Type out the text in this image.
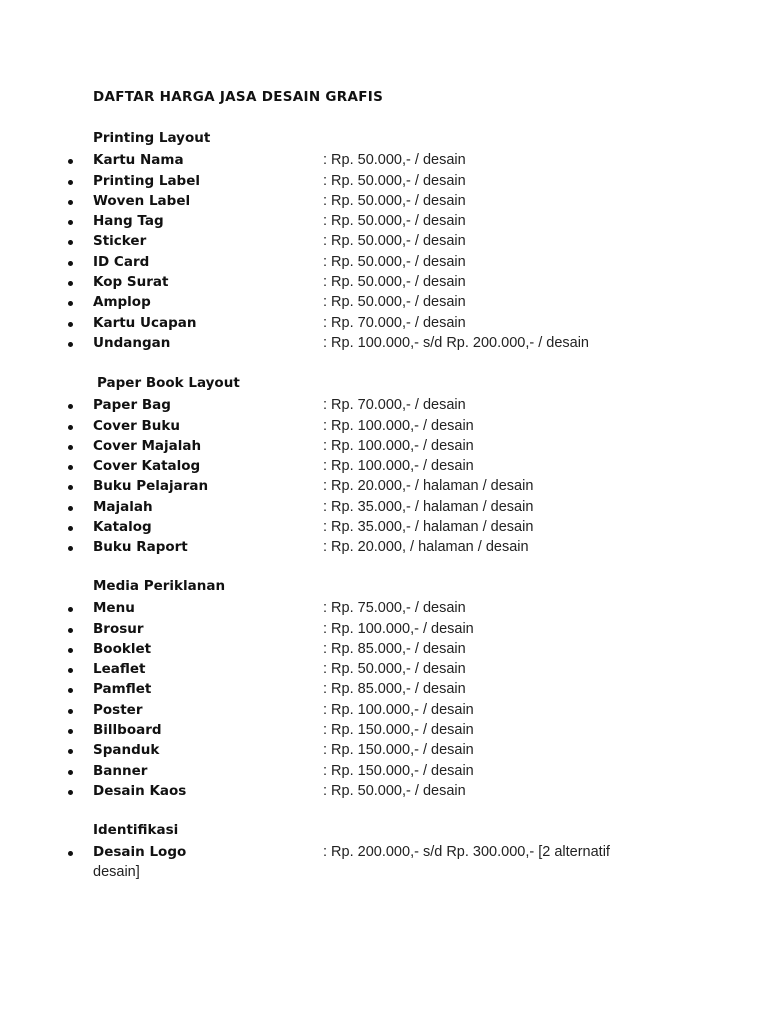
DAFTAR HARGA JASA DESAIN GRAFIS
Printing Layout
Kartu Nama	: Rp. 50.000,- / desain
Printing Label	: Rp. 50.000,- / desain
Woven Label	: Rp. 50.000,- / desain
Hang Tag	: Rp. 50.000,- / desain
Sticker	: Rp. 50.000,- / desain
ID Card	: Rp. 50.000,- / desain
Kop Surat	: Rp. 50.000,- / desain
Amplop	: Rp. 50.000,- / desain
Kartu Ucapan	: Rp. 70.000,- / desain
Undangan	: Rp. 100.000,- s/d Rp. 200.000,- / desain
Paper Book Layout
Paper Bag	: Rp. 70.000,- / desain
Cover Buku	: Rp. 100.000,- / desain
Cover Majalah	: Rp. 100.000,- / desain
Cover Katalog	: Rp. 100.000,- / desain
Buku Pelajaran	: Rp. 20.000,- / halaman / desain
Majalah	: Rp. 35.000,- / halaman / desain
Katalog	: Rp. 35.000,- / halaman / desain
Buku Raport	: Rp. 20.000, / halaman / desain
Media Periklanan
Menu	: Rp. 75.000,- / desain
Brosur	: Rp. 100.000,- / desain
Booklet	: Rp. 85.000,- / desain
Leaflet	: Rp. 50.000,- / desain
Pamflet	: Rp. 85.000,- / desain
Poster	: Rp. 100.000,- / desain
Billboard	: Rp. 150.000,- / desain
Spanduk	: Rp. 150.000,- / desain
Banner	: Rp. 150.000,- / desain
Desain Kaos	: Rp. 50.000,- / desain
Identifikasi
Desain Logo	: Rp. 200.000,- s/d Rp. 300.000,- [2 alternatif
desain]
